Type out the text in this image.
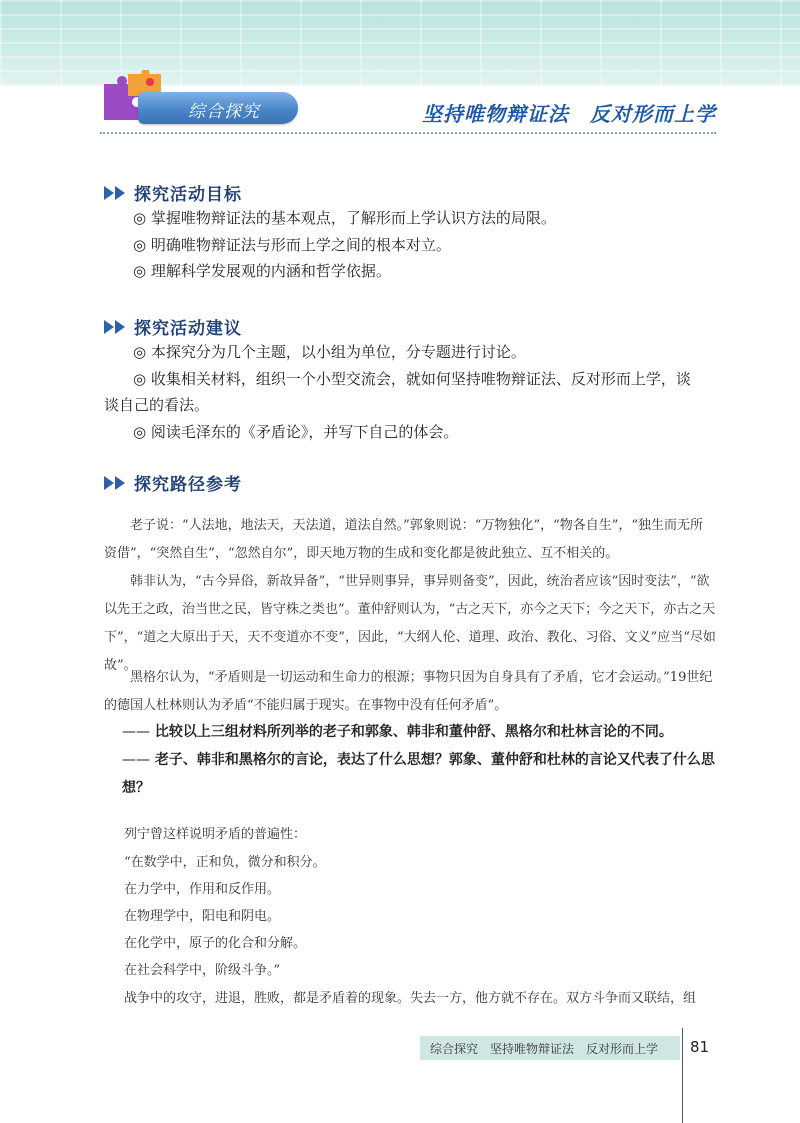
综合探究	坚持唯物辩证法　反对形而上学
探究活动目标
◎ 掌握唯物辩证法的基本观点，了解形而上学认识方法的局限。
◎ 明确唯物辩证法与形而上学之间的根本对立。
◎ 理解科学发展观的内涵和哲学依据。
探究活动建议
◎ 本探究分为几个主题，以小组为单位，分专题进行讨论。
◎ 收集相关材料，组织一个小型交流会，就如何坚持唯物辩证法、反对形而上学，谈
谈自己的看法。
◎ 阅读毛泽东的《矛盾论》，并写下自己的体会。
探究路径参考
老子说：“人法地，地法天，天法道，道法自然。”郭象则说：“万物独化”，“物各自生”，“独生而无所资借”，“突然自生”，“忽然自尔”，即天地万物的生成和变化都是彼此独立、互不相关的。
韩非认为，“古今异俗，新故异备”，“世异则事异，事异则备变”，因此，统治者应该“因时变法”，“欲以先王之政，治当世之民，皆守株之类也”。董仲舒则认为，“古之天下，亦今之天下；今之天下，亦古之天下”，“道之大原出于天，天不变道亦不变”，因此，“大纲人伦、道理、政治、教化、习俗、文义”应当“尽如故”。
黑格尔认为，“矛盾则是一切运动和生命力的根源；事物只因为自身具有了矛盾，它才会运动。”19世纪的德国人杜林则认为矛盾“不能归属于现实。在事物中没有任何矛盾”。
—— 比较以上三组材料所列举的老子和郭象、韩非和董仲舒、黑格尔和杜林言论的不同。
—— 老子、韩非和黑格尔的言论，表达了什么思想？郭象、董仲舒和杜林的言论又代表了什么思想？
列宁曾这样说明矛盾的普遍性：
“在数学中，正和负，微分和积分。
在力学中，作用和反作用。
在物理学中，阳电和阴电。
在化学中，原子的化合和分解。
在社会科学中，阶级斗争。”
战争中的攻守，进退，胜败，都是矛盾着的现象。失去一方，他方就不存在。双方斗争而又联结，组
综合探究　坚持唯物辩证法　反对形而上学 81
